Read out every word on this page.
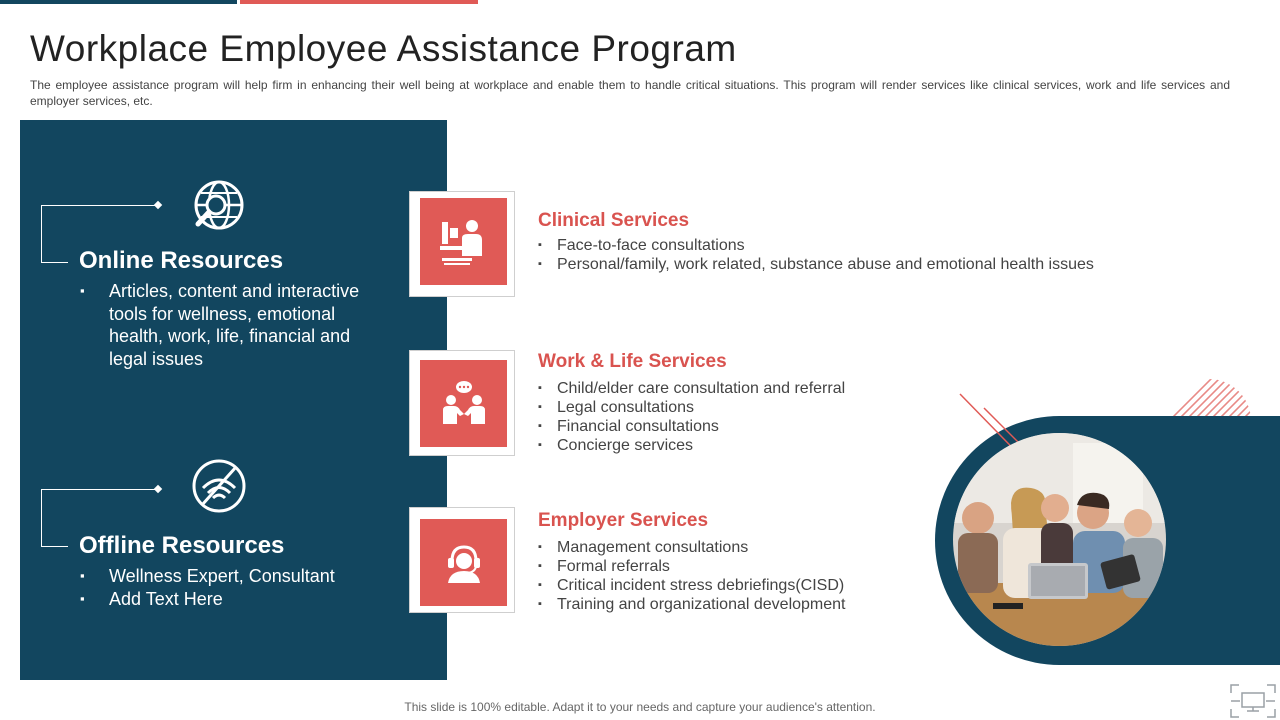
Workplace Employee Assistance Program
The employee assistance program will help firm in enhancing their well being at workplace and enable them to handle critical situations. This program will render services like clinical services, work and life services and employer services, etc.
Online Resources
▪ Articles, content and interactive tools for wellness, emotional health, work, life, financial and legal issues
Offline Resources
▪ Wellness Expert, Consultant
▪ Add Text Here
Clinical Services
▪ Face-to-face consultations
▪ Personal/family, work related, substance abuse and emotional health issues
Work & Life Services
▪ Child/elder care consultation and referral
▪ Legal consultations
▪ Financial consultations
▪ Concierge services
Employer Services
▪ Management consultations
▪ Formal referrals
▪ Critical incident stress debriefings(CISD)
▪ Training and organizational development
This slide is 100% editable. Adapt it to your needs and capture your audience's attention.
